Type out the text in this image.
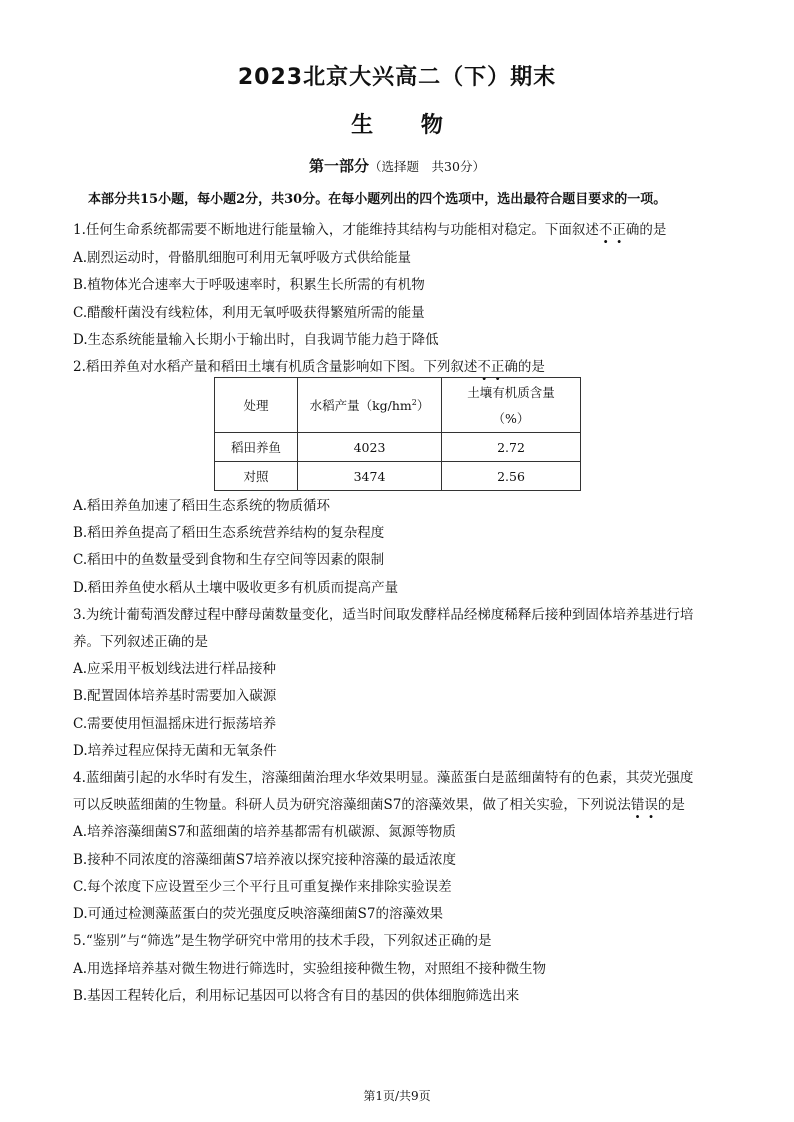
2023北京大兴高二（下）期末
生 物
第一部分（选择题　共30分）
本部分共15小题，每小题2分，共30分。在每小题列出的四个选项中，选出最符合题目要求的一项。
1.任何生命系统都需要不断地进行能量输入，才能维持其结构与功能相对稳定。下面叙述不正确的是
A.剧烈运动时，骨骼肌细胞可利用无氧呼吸方式供给能量
B.植物体光合速率大于呼吸速率时，积累生长所需的有机物
C.醋酸杆菌没有线粒体，利用无氧呼吸获得繁殖所需的能量
D.生态系统能量输入长期小于输出时，自我调节能力趋于降低
2.稻田养鱼对水稻产量和稻田土壤有机质含量影响如下图。下列叙述不正确的是
处理	水稻产量$(kg/hm^2)$	土壤有机质含量
（%）

稻田养鱼	4023	2.72
对照	3474	2.56
A.稻田养鱼加速了稻田生态系统的物质循环
B.稻田养鱼提高了稻田生态系统营养结构的复杂程度
C.稻田中的鱼数量受到食物和生存空间等因素的限制
D.稻田养鱼使水稻从土壤中吸收更多有机质而提高产量
3.为统计葡萄酒发酵过程中酵母菌数量变化，适当时间取发酵样品经梯度稀释后接种到固体培养基进行培
养。下列叙述正确的是
A.应采用平板划线法进行样品接种
B.配置固体培养基时需要加入碳源
C.需要使用恒温摇床进行振荡培养
D.培养过程应保持无菌和无氧条件
4.蓝细菌引起的水华时有发生，溶藻细菌治理水华效果明显。藻蓝蛋白是蓝细菌特有的色素，其荧光强度
可以反映蓝细菌的生物量。科研人员为研究溶藻细菌S7的溶藻效果，做了相关实验，下列说法错误的是
A.培养溶藻细菌S7和蓝细菌的培养基都需有机碳源、氮源等物质
B.接种不同浓度的溶藻细菌S7培养液以探究接种溶藻的最适浓度
C.每个浓度下应设置至少三个平行且可重复操作来排除实验误差
D.可通过检测藻蓝蛋白的荧光强度反映溶藻细菌S7的溶藻效果
5.“鉴别”与“筛选”是生物学研究中常用的技术手段，下列叙述正确的是
A.用选择培养基对微生物进行筛选时，实验组接种微生物，对照组不接种微生物
B.基因工程转化后，利用标记基因可以将含有目的基因的供体细胞筛选出来
第1页/共9页
